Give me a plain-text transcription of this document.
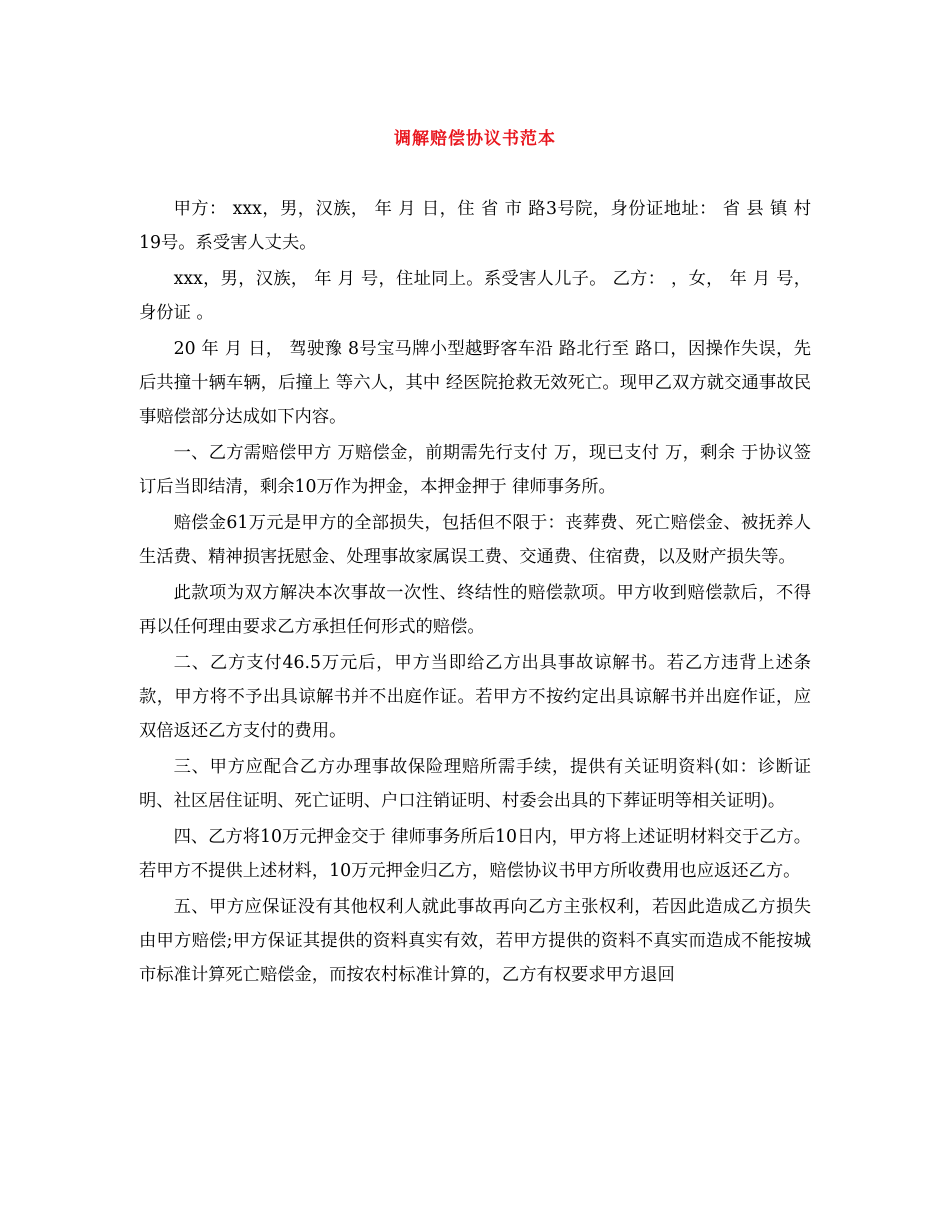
调解赔偿协议书范本

甲方： xxx，男，汉族， 年 月 日，住 省 市 路3号院，身份证地址： 省 县 镇 村 19号。系受害人丈夫。

xxx，男，汉族， 年 月 号，住址同上。系受害人儿子。 乙方： ，女， 年 月 号，身份证 。

20 年 月 日， 驾驶豫 8号宝马牌小型越野客车沿 路北行至 路口，因操作失误，先后共撞十辆车辆，后撞上 等六人，其中 经医院抢救无效死亡。现甲乙双方就交通事故民事赔偿部分达成如下内容。

一、乙方需赔偿甲方 万赔偿金，前期需先行支付 万，现已支付 万，剩余 于协议签订后当即结清，剩余10万作为押金，本押金押于 律师事务所。

赔偿金61万元是甲方的全部损失，包括但不限于：丧葬费、死亡赔偿金、被抚养人生活费、精神损害抚慰金、处理事故家属误工费、交通费、住宿费，以及财产损失等。

此款项为双方解决本次事故一次性、终结性的赔偿款项。甲方收到赔偿款后，不得再以任何理由要求乙方承担任何形式的赔偿。

二、乙方支付46.5万元后，甲方当即给乙方出具事故谅解书。若乙方违背上述条款，甲方将不予出具谅解书并不出庭作证。若甲方不按约定出具谅解书并出庭作证，应双倍返还乙方支付的费用。

三、甲方应配合乙方办理事故保险理赔所需手续，提供有关证明资料(如：诊断证明、社区居住证明、死亡证明、户口注销证明、村委会出具的下葬证明等相关证明)。

四、乙方将10万元押金交于 律师事务所后10日内，甲方将上述证明材料交于乙方。若甲方不提供上述材料，10万元押金归乙方，赔偿协议书甲方所收费用也应返还乙方。

五、甲方应保证没有其他权利人就此事故再向乙方主张权利，若因此造成乙方损失由甲方赔偿;甲方保证其提供的资料真实有效，若甲方提供的资料不真实而造成不能按城市标准计算死亡赔偿金，而按农村标准计算的，乙方有权要求甲方退回
